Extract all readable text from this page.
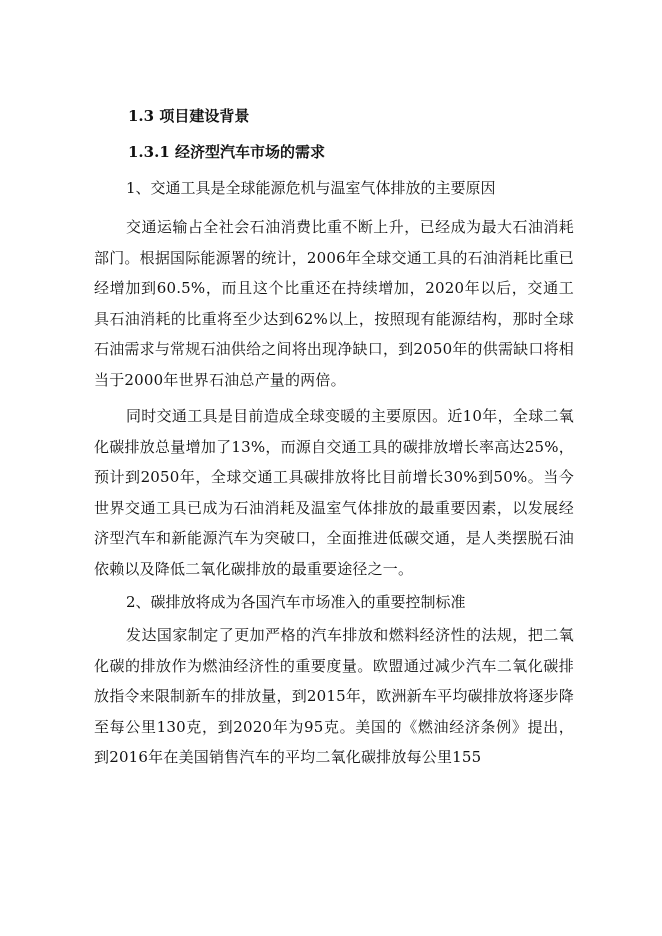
1.3 项目建设背景
1.3.1 经济型汽车市场的需求
1、交通工具是全球能源危机与温室气体排放的主要原因

交通运输占全社会石油消费比重不断上升，已经成为最大石油消耗部门。根据国际能源署的统计，2006年全球交通工具的石油消耗比重已经增加到60.5%，而且这个比重还在持续增加，2020年以后，交通工具石油消耗的比重将至少达到62%以上，按照现有能源结构，那时全球石油需求与常规石油供给之间将出现净缺口，到2050年的供需缺口将相当于2000年世界石油总产量的两倍。

同时交通工具是目前造成全球变暖的主要原因。近10年，全球二氧化碳排放总量增加了13%，而源自交通工具的碳排放增长率高达25%，预计到2050年，全球交通工具碳排放将比目前增长30%到50%。当今世界交通工具已成为石油消耗及温室气体排放的最重要因素，以发展经济型汽车和新能源汽车为突破口，全面推进低碳交通，是人类摆脱石油依赖以及降低二氧化碳排放的最重要途径之一。

2、碳排放将成为各国汽车市场准入的重要控制标准

发达国家制定了更加严格的汽车排放和燃料经济性的法规，把二氧化碳的排放作为燃油经济性的重要度量。欧盟通过减少汽车二氧化碳排放指令来限制新车的排放量，到2015年，欧洲新车平均碳排放将逐步降至每公里130克，到2020年为95克。美国的《燃油经济条例》提出，到2016年在美国销售汽车的平均二氧化碳排放每公里155
